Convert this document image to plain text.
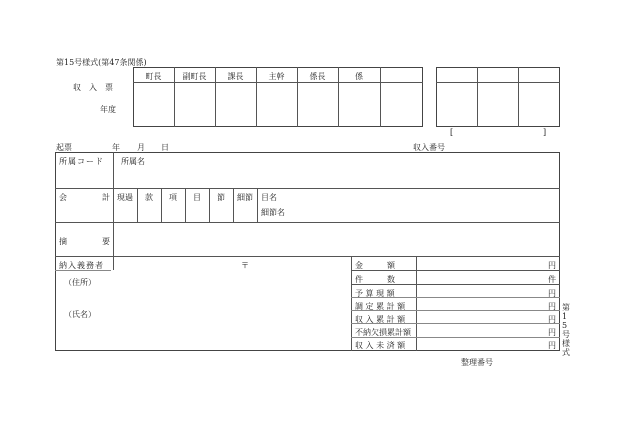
第15号様式(第47条関係)
収　入　票
年度
町長	副町長	課長	主幹	係長	係
[	]
起票	年 月 日	収入番号
所属コード 所属名
会	計 現過	款	項	目	節	細節	目名
細節名
摘	要
納入義務者	〒
（住所）
（氏名）
金　　　額	円
件　　　数	件
予 算 現 額	円
調 定 累 計 額	円
収 入 累 計 額	円
不納欠損累計額	円
収 入 未 済 額	円
第15号様式
整理番号
